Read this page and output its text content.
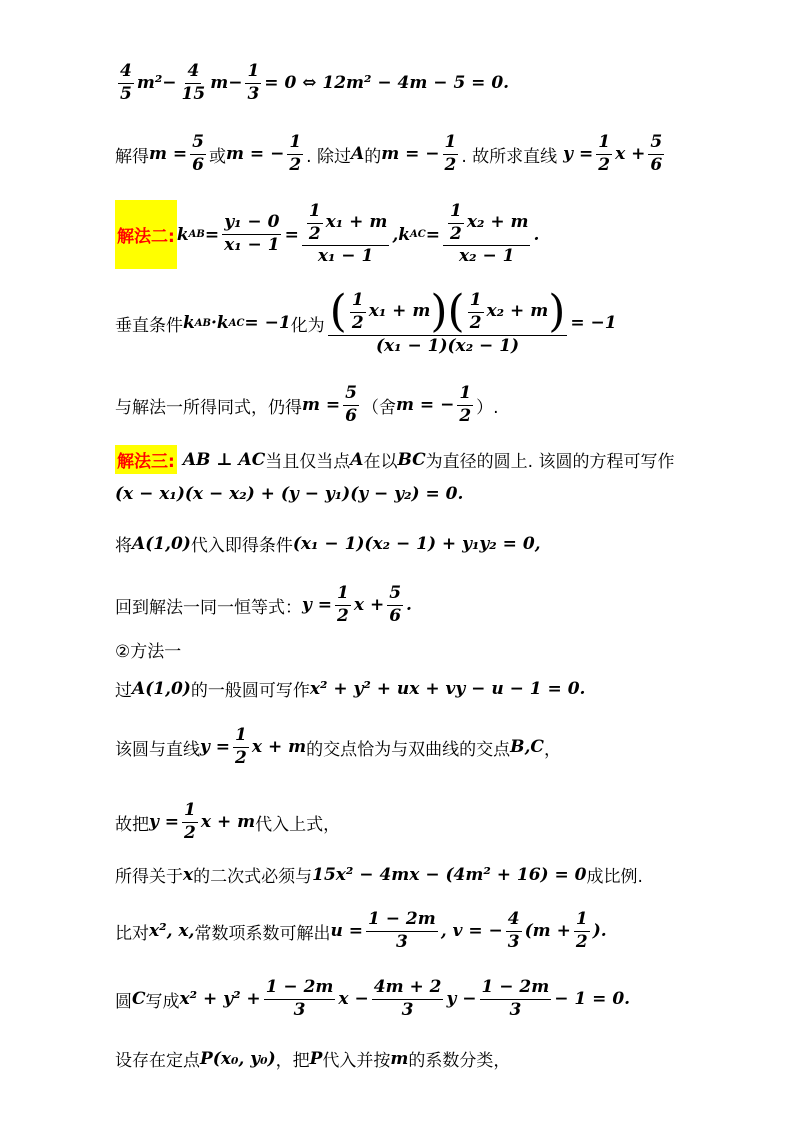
$\frac{4}{5} m^2 - \frac{4}{15}$ $m - \frac{1}{3} = 0$ ⇔ 12m² − 4m − 5 = 0.
解得 $m = \frac{5}{6}$ 或 m = − $\frac{1}{2}$ . 除过 A 的 m = − $\frac{1}{2}$ . 故所求直线 $y = \frac{1}{2}$ $x + \frac{5}{6}$
解法二: k AB = $\frac{\text{y₁ − 0}}{\text{x₁ − 1}} = \frac{\frac{1}{2} x_1 + m}{\text{x₁ − 1}}$ , k AC = $\frac{\frac{1}{2} x_2 + m}{\text{x₂ − 1}}$ .
垂直条件 k AB · k AC = −1 化为 ( $\frac{1}{2} x_1 + m$ )( $\frac{1}{2} x_2 + m$ )
(x₁ − 1)(x₂ − 1)
= −1
与解法一所得同式，仍得 $m = \frac{5}{6}$ （舍 m = − $\frac{1}{2}$ ）.
解法三: AB ⊥ AC 当且仅当点 A 在以 BC 为直径的圆上. 该圆的方程可写作
(x − x₁)(x − x₂) + (y − y₁)(y − y₂) = 0.
将 A(1,0) 代入即得条件 (x₁ − 1)(x₂ − 1) + y₁y₂ = 0,
回到解法一同一恒等式： $y = \frac{1}{2}$ $x + \frac{5}{6}$ .
②方法一
过 A(1,0) 的一般圆可写作 x² + y² + ux + vy − u − 1 = 0.
该圆与直线 $y = \frac{1}{2}$ x + m 的交点恰为与双曲线的交点 B,C ，
故把 $y = \frac{1}{2}$ x + m 代入上式，
所得关于 x 的二次式必须与 15x² − 4mx − (4m² + 16) = 0 成比例.
比对 x², x, 常数项系数可解出 $u = \frac{1 - 2m}{3}$ , v = − $\frac{4}{3} (m + \frac{1}{2}$ ).
圆 C 写成 $x^2 + y^2 + \frac{1 - 2m}{3}$ $x - \frac{4m + 2}{3}$ $y - \frac{1 - 2m}{3} - 1 = 0$.
设存在定点 P(x₀, y₀) ，把 P 代入并按 m 的系数分类，
